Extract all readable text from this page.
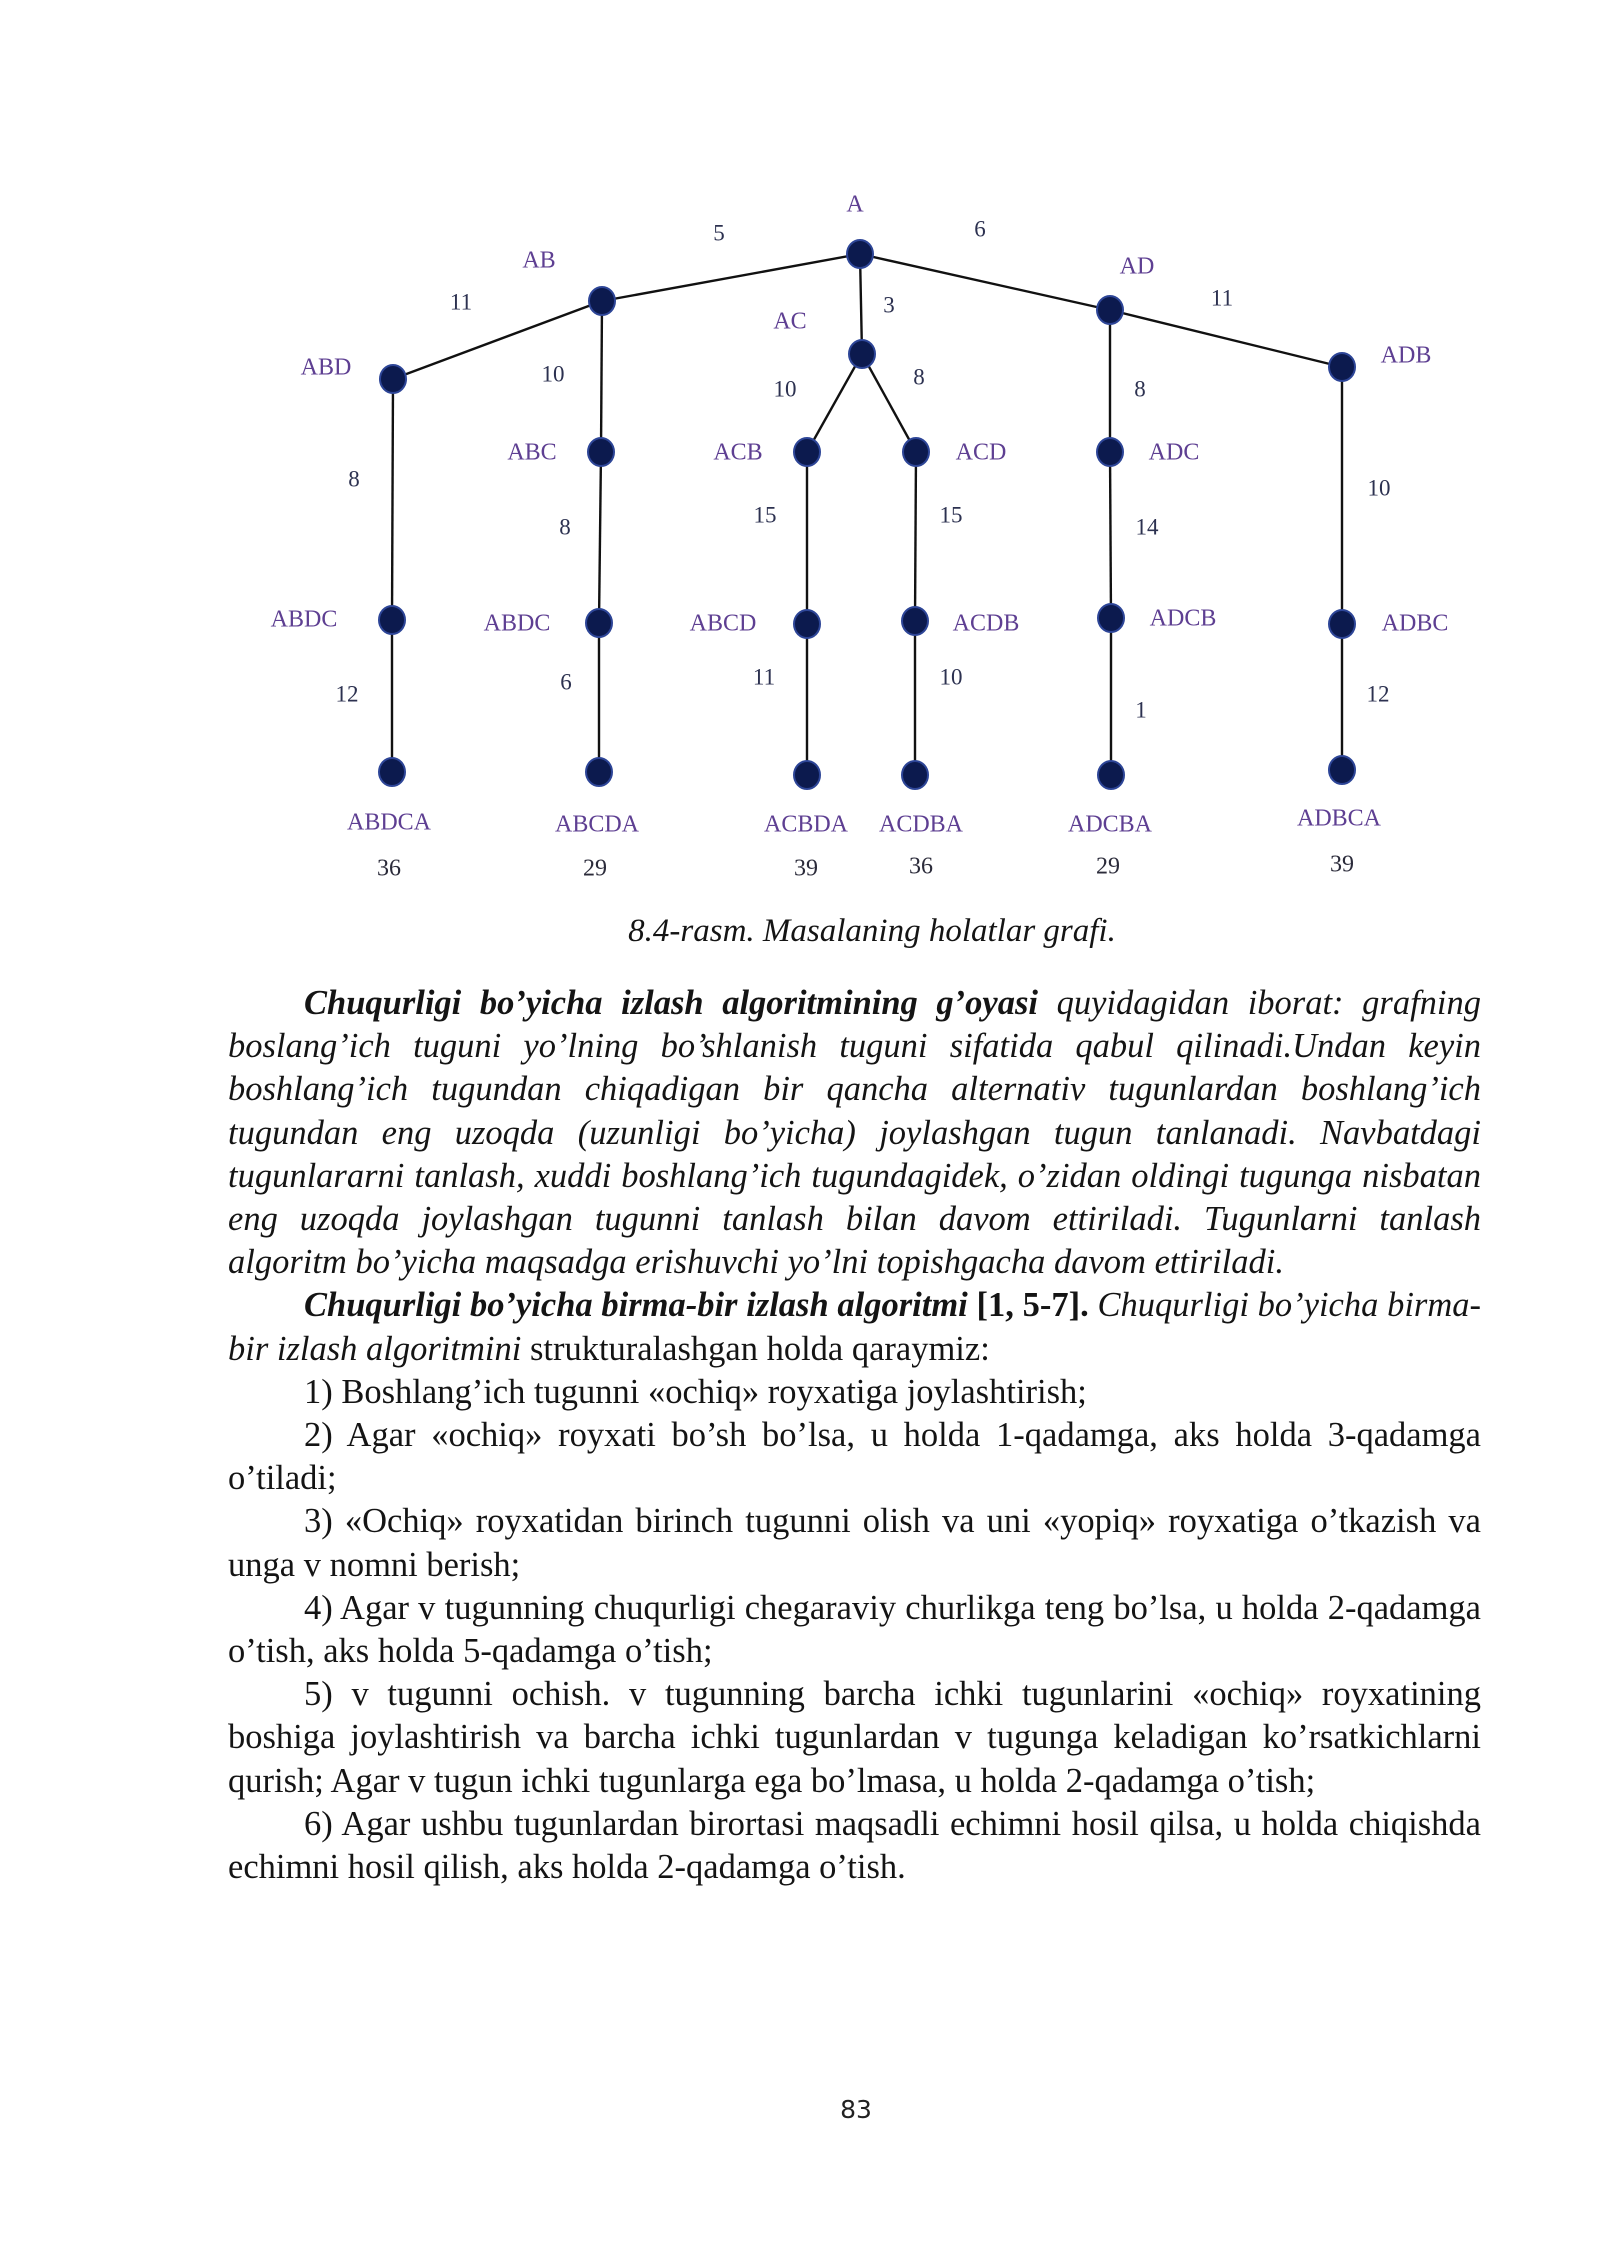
A
AB
AC
AD
ABD
ABC	ACB	ACD	ADC
ADB
ABDC	ABDC	ABCD	ACDB	ADCB	ADBC
ABDCA	ABCDA	ACBDA ACDBA	ADCBA	ADBCA
5
3
6
11
10
10	8	8
11
8
8	15	15	14
10
12	6	11	10
1
12
36	29	39	36	29	39
8.4-rasm. Masalaning holatlar grafi.

Chuqurligi bo’yicha izlash algoritmining g’oyasi quyidagidan iborat: grafning boslang’ich tuguni yo’lning bo’shlanish tuguni sifatida qabul qilinadi.Undan keyin boshlang’ich tugundan chiqadigan bir qancha alternativ tugunlardan boshlang’ich tugundan eng uzoqda (uzunligi bo’yicha) joylashgan tugun tanlanadi. Navbatdagi tugunlararni tanlash, xuddi boshlang’ich tugundagidek, o’zidan oldingi tugunga nisbatan eng uzoqda joylashgan tugunni tanlash bilan davom ettiriladi. Tugunlarni tanlash algoritm bo’yicha maqsadga erishuvchi yo’lni topishgacha davom ettiriladi.

Chuqurligi bo’yicha birma-bir izlash algoritmi [1, 5-7]. Chuqurligi bo’yicha birma-bir izlash algoritmini strukturalashgan holda qaraymiz:

1) Boshlang’ich tugunni «ochiq» royxatiga joylashtirish;

2) Agar «ochiq» royxati bo’sh bo’lsa, u holda 1-qadamga, aks holda 3-qadamga o’tiladi;

3) «Ochiq» royxatidan birinch tugunni olish va uni «yopiq» royxatiga o’tkazish va unga v nomni berish;

4) Agar v tugunning chuqurligi chegaraviy churlikga teng bo’lsa, u holda 2-qadamga o’tish, aks holda 5-qadamga o’tish;

5) v tugunni ochish. v tugunning barcha ichki tugunlarini «ochiq» royxatining boshiga joylashtirish va barcha ichki tugunlardan v tugunga keladigan ko’rsatkichlarni qurish; Agar v tugun ichki tugunlarga ega bo’lmasa, u holda 2-qadamga o’tish;

6) Agar ushbu tugunlardan birortasi maqsadli echimni hosil qilsa, u holda chiqishda echimni hosil qilish, aks holda 2-qadamga o’tish.

83
